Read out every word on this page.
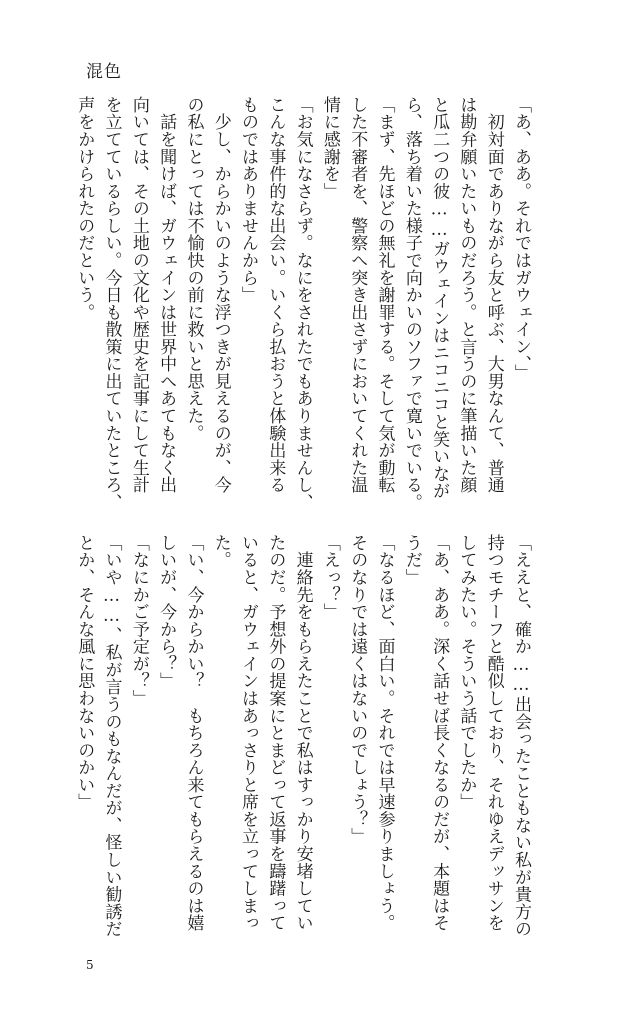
混色
「あ、ああ。それではガウェイン、」
　初対面でありながら友と呼ぶ、大男なんて、普通
は勘弁願いたいものだろう。と言うのに筆描いた顔
と瓜二つの彼……ガウェインはニコニコと笑いなが
ら、落ち着いた様子で向かいのソファで寛いでいる。
「まず、先ほどの無礼を謝罪する。そして気が動転
した不審者を、警察へ突き出さずにおいてくれた温
情に感謝を」
「お気になさらず。なにをされたでもありませんし、
こんな事件的な出会い。いくら払おうと体験出来る
ものではありませんから」
　少し、からかいのような浮つきが見えるのが、今
の私にとっては不愉快の前に救いと思えた。
　話を聞けば、ガウェインは世界中へあてもなく出
向いては、その土地の文化や歴史を記事にして生計
を立てているらしい。今日も散策に出ていたところ、
声をかけられたのだという。
「ええと、確か……出会ったこともない私が貴方の
持つモチーフと酷似しており、それゆえデッサンを
してみたい。そういう話でしたか」
「あ、ああ。深く話せば長くなるのだが、本題はそ
うだ」
「なるほど、面白い。それでは早速参りましょう。
そのなりでは遠くはないのでしょう？」
「えっ？」
　連絡先をもらえたことで私はすっかり安堵してい
たのだ。予想外の提案にとまどって返事を躊躇って
いると、ガウェインはあっさりと席を立ってしまっ
た。
「い、今からかい？　もちろん来てもらえるのは嬉
しいが、今から？」
「なにかご予定が？」
「いや……、私が言うのもなんだが、怪しい勧誘だ
とか、そんな風に思わないのかい」
5
